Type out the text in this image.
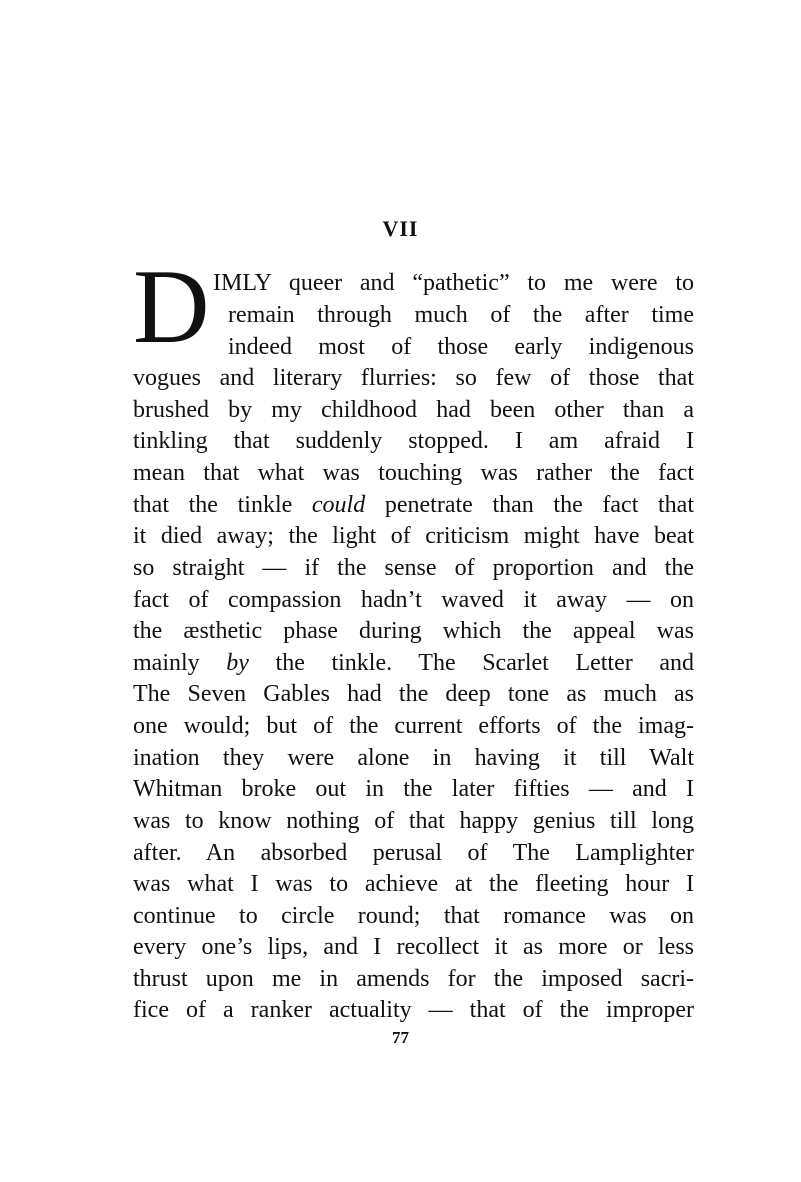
VII
D IMLY queer and “pathetic” to me were to
remain through much of the after time
indeed most of those early indigenous
vogues and literary flurries: so few of those that
brushed by my childhood had been other than a
tinkling that suddenly stopped. I am afraid I
mean that what was touching was rather the fact
that the tinkle could penetrate than the fact that
it died away; the light of criticism might have beat
so straight — if the sense of proportion and the
fact of compassion hadn’t waved it away — on
the æsthetic phase during which the appeal was
mainly by the tinkle. The Scarlet Letter and
The Seven Gables had the deep tone as much as
one would; but of the current efforts of the imag-
ination they were alone in having it till Walt
Whitman broke out in the later fifties — and I
was to know nothing of that happy genius till long
after. An absorbed perusal of The Lamplighter
was what I was to achieve at the fleeting hour I
continue to circle round; that romance was on
every one’s lips, and I recollect it as more or less
thrust upon me in amends for the imposed sacri-
fice of a ranker actuality — that of the improper
77
